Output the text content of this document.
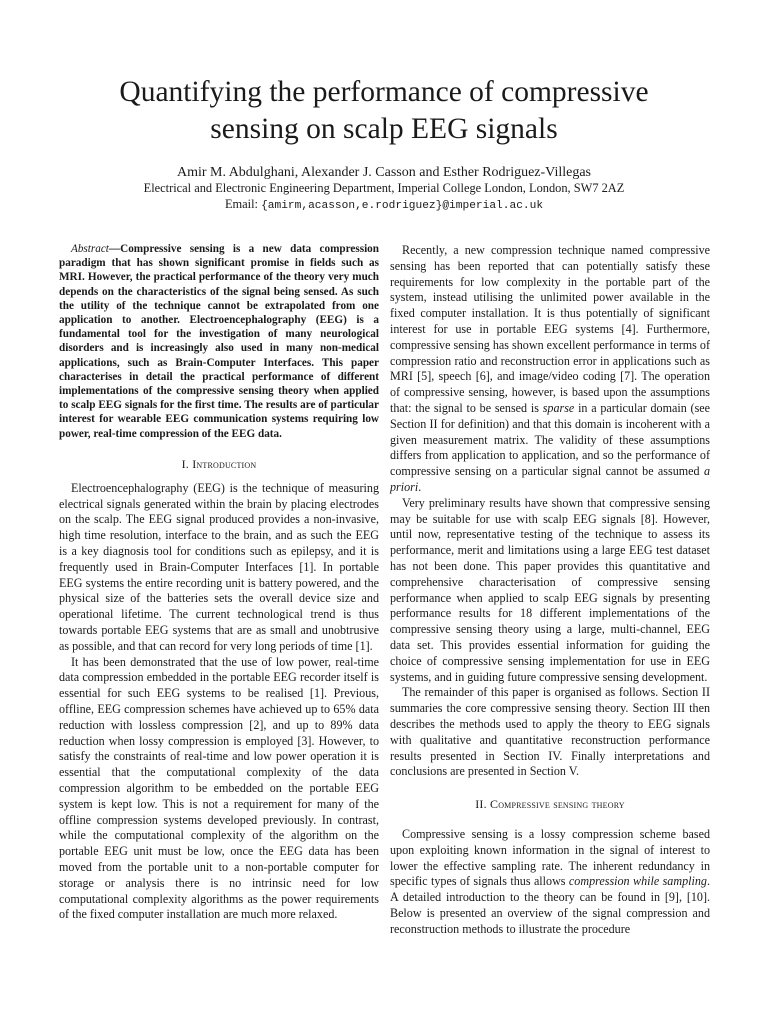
Quantifying the performance of compressive
sensing on scalp EEG signals
Amir M. Abdulghani, Alexander J. Casson and Esther Rodriguez-Villegas
Electrical and Electronic Engineering Department, Imperial College London, London, SW7 2AZ
Email: {amirm,acasson,e.rodriguez}@imperial.ac.uk

Abstract—Compressive sensing is a new data compression paradigm that has shown significant promise in fields such as MRI. However, the practical performance of the theory very much depends on the characteristics of the signal being sensed. As such the utility of the technique cannot be extrapolated from one application to another. Electroencephalography (EEG) is a fundamental tool for the investigation of many neurological disorders and is increasingly also used in many non-medical applications, such as Brain-Computer Interfaces. This paper characterises in detail the practical performance of different implementations of the compressive sensing theory when applied to scalp EEG signals for the first time. The results are of particular interest for wearable EEG communication systems requiring low power, real-time compression of the EEG data.

I. Introduction

Electroencephalography (EEG) is the technique of measuring electrical signals generated within the brain by placing electrodes on the scalp. The EEG signal produced provides a non-invasive, high time resolution, interface to the brain, and as such the EEG is a key diagnosis tool for conditions such as epilepsy, and it is frequently used in Brain-Computer Interfaces [1]. In portable EEG systems the entire recording unit is battery powered, and the physical size of the batteries sets the overall device size and operational lifetime. The current technological trend is thus towards portable EEG systems that are as small and unobtrusive as possible, and that can record for very long periods of time [1].

It has been demonstrated that the use of low power, real-time data compression embedded in the portable EEG recorder itself is essential for such EEG systems to be realised [1]. Previous, offline, EEG compression schemes have achieved up to 65% data reduction with lossless compression [2], and up to 89% data reduction when lossy compression is employed [3]. However, to satisfy the constraints of real-time and low power operation it is essential that the computational complexity of the data compression algorithm to be embedded on the portable EEG system is kept low. This is not a requirement for many of the offline compression systems developed previously. In contrast, while the computational complexity of the algorithm on the portable EEG unit must be low, once the EEG data has been moved from the portable unit to a non-portable computer for storage or analysis there is no intrinsic need for low computational complexity algorithms as the power requirements of the fixed computer installation are much more relaxed.

Recently, a new compression technique named compressive sensing has been reported that can potentially satisfy these requirements for low complexity in the portable part of the system, instead utilising the unlimited power available in the fixed computer installation. It is thus potentially of significant interest for use in portable EEG systems [4]. Furthermore, compressive sensing has shown excellent performance in terms of compression ratio and reconstruction error in applications such as MRI [5], speech [6], and image/video coding [7]. The operation of compressive sensing, however, is based upon the assumptions that: the signal to be sensed is sparse in a particular domain (see Section II for definition) and that this domain is incoherent with a given measurement matrix. The validity of these assumptions differs from application to application, and so the performance of compressive sensing on a particular signal cannot be assumed a priori.

Very preliminary results have shown that compressive sensing may be suitable for use with scalp EEG signals [8]. However, until now, representative testing of the technique to assess its performance, merit and limitations using a large EEG test dataset has not been done. This paper provides this quantitative and comprehensive characterisation of compressive sensing performance when applied to scalp EEG signals by presenting performance results for 18 different implementations of the compressive sensing theory using a large, multi-channel, EEG data set. This provides essential information for guiding the choice of compressive sensing implementation for use in EEG systems, and in guiding future compressive sensing development.

The remainder of this paper is organised as follows. Section II summaries the core compressive sensing theory. Section III then describes the methods used to apply the theory to EEG signals with qualitative and quantitative reconstruction performance results presented in Section IV. Finally interpretations and conclusions are presented in Section V.

II. Compressive sensing theory

Compressive sensing is a lossy compression scheme based upon exploiting known information in the signal of interest to lower the effective sampling rate. The inherent redundancy in specific types of signals thus allows compression while sampling. A detailed introduction to the theory can be found in [9], [10]. Below is presented an overview of the signal compression and reconstruction methods to illustrate the procedure
